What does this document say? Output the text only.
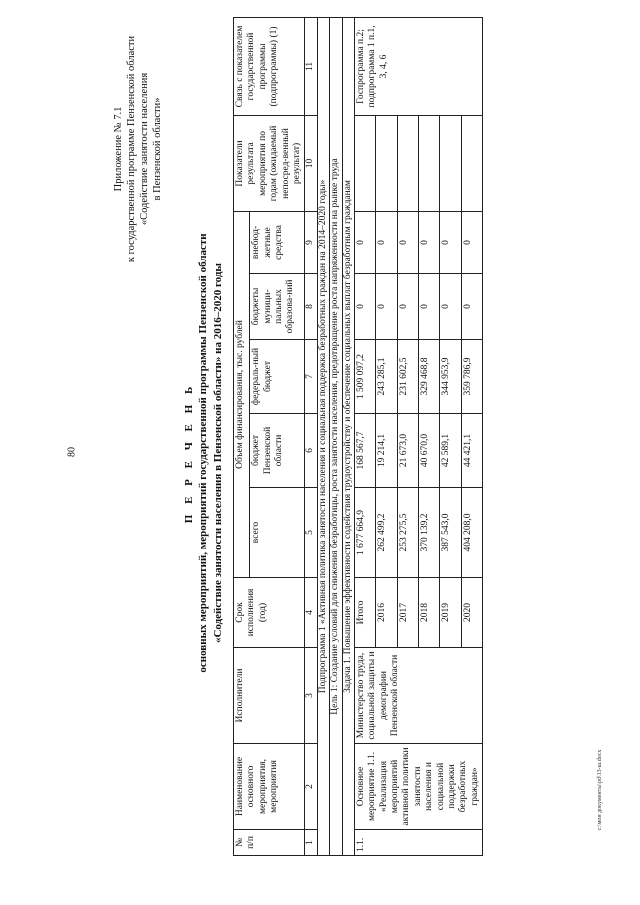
80
c:\мои документы\pd\13-ш.docx
Приложение № 7.1 к государственной программе Пензенской области «Содействие занятости населения в Пензенской области»
П Е Р Е Ч Е Н Ь основных мероприятий, мероприятий государственной программы Пензенской области «Содействие занятости населения в Пензенской области» на 2016–2020 годы
№ п/п	Наименование основного мероприятия, мероприятия	Исполнители	Срок исполнения (год)	Объем финансирования, тыс. рублей					Показатели результата мероприятия по годам (ожидаемый непосред-венный результат)	Связь с показателем государственной программы (подпрограммы) (1)
				всего	бюджет Пензенской области	федераль-ный бюджет	бюджеты муници-пальных образова-ний	внебюд-жетные средства		
1	2	3	4	5	6	7	8	9	10	11
Подпрограмма 1 «Активная политика занятости населения и социальная поддержка безработных граждан на 2014–2020 годы»										
Цель 1: Создание условий для снижения безработицы, роста занятости населения, предотвращение роста напряженности на рынке труда										
Задача 1. Повышение эффективности содействия трудоустройству и обеспечение социальных выплат безработным гражданам										
1.1.	Основное мероприятие 1.1. «Реализация мероприятий активной политики занятости населения и социальной поддержки безработных граждан»	Министерство труда, социальной защиты и демографии Пензенской области	Итого	1 677 664,9	168 567,7	1 509 097,2	0	0		Госпрограмма п.2; подпрограмма 1 п.1, 3, 4, 6
			2016	262 499,2	19 214,1	243 285,1	0	0		
			2017	253 275,5	21 673,0	231 602,5	0	0		
			2018	370 139,2	40 670,0	329 468,8	0	0		
			2019	387 543,0	42 589,1	344 953,9	0	0		
			2020	404 208,0	44 421,1	359 786,9	0	0		
